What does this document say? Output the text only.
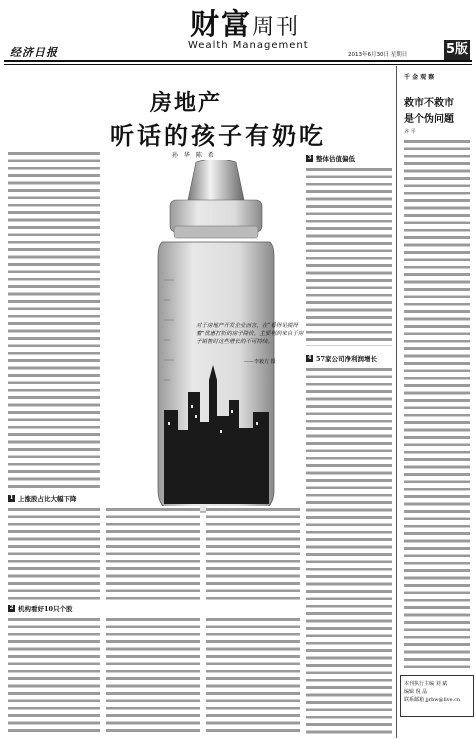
经济日报
财富周刊
Wealth Management
2013年6月30日 星期日	5版
房地产
听话的孩子有奶吃
孙 华 陈 希
对于房地产开发企业而言，在“看得见摸得着”优惠打折的房子降价，主要利润来自于房子销售时这些增长的不可持续。
——李毅方 摄
3 整体估值偏低
4 57家公司净利润增长
1 上涨股占比大幅下降
2 机构看好10只个股
千 金 观 察
救市不救市
是个伪问题
齐 平
本刊执行主编 刘 斌
编辑 倪 晶
联系邮箱 jjrbw@live.cn
